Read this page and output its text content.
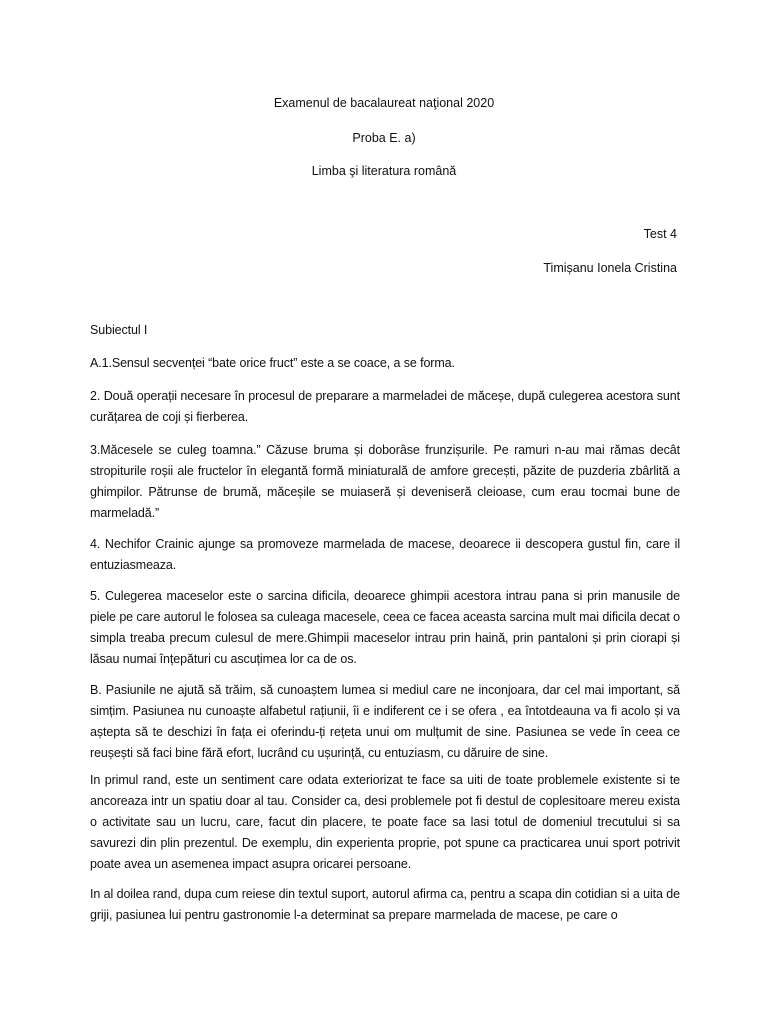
Examenul de bacalaureat naţional 2020
Proba E. a)
Limba şi literatura română
Test 4
Timișanu Ionela Cristina

Subiectul I

A.1.Sensul secvenței “bate orice fruct” este a se coace, a se forma.

2. Două operații necesare în procesul de preparare a marmeladei de măceșe, după culegerea acestora sunt curățarea de coji și fierberea.

3.Măcesele se culeg toamna.” Căzuse bruma și doborâse frunzișurile. Pe ramuri n-au mai rămas decât stropiturile roșii ale fructelor în elegantă formă miniaturală de amfore grecești, păzite de puzderia zbârlită a ghimpilor. Pătrunse de brumă, măceșile se muiaseră și deveniseră cleioase, cum erau tocmai bune de marmeladă.”

4. Nechifor Crainic ajunge sa promoveze marmelada de macese, deoarece ii descopera gustul fin, care il entuziasmeaza.

5. Culegerea maceselor este o sarcina dificila, deoarece ghimpii acestora intrau pana si prin manusile de piele pe care autorul le folosea sa culeaga macesele, ceea ce facea aceasta sarcina mult mai dificila decat o simpla treaba precum culesul de mere.Ghimpii maceselor intrau prin haină, prin pantaloni și prin ciorapi și lăsau numai înțepături cu ascuțimea lor ca de os.

B. Pasiunile ne ajută să trăim, să cunoaștem lumea si mediul care ne inconjoara, dar cel mai important, să simțim. Pasiunea nu cunoaște alfabetul rațiunii, îi e indiferent ce i se ofera , ea întotdeauna va fi acolo și va aștepta să te deschizi în fața ei oferindu-ți rețeta unui om mulțumit de sine. Pasiunea se vede în ceea ce reușești să faci bine fără efort, lucrând cu ușurință, cu entuziasm, cu dăruire de sine.

In primul rand, este un sentiment care odata exteriorizat te face sa uiti de toate problemele existente si te ancoreaza intr un spatiu doar al tau. Consider ca, desi problemele pot fi destul de coplesitoare mereu exista o activitate sau un lucru, care, facut din placere, te poate face sa lasi totul de domeniul trecutului si sa savurezi din plin prezentul. De exemplu, din experienta proprie, pot spune ca practicarea unui sport potrivit poate avea un asemenea impact asupra oricarei persoane.

In al doilea rand, dupa cum reiese din textul suport, autorul afirma ca, pentru a scapa din cotidian si a uita de griji, pasiunea lui pentru gastronomie l-a determinat sa prepare marmelada de macese, pe care o
